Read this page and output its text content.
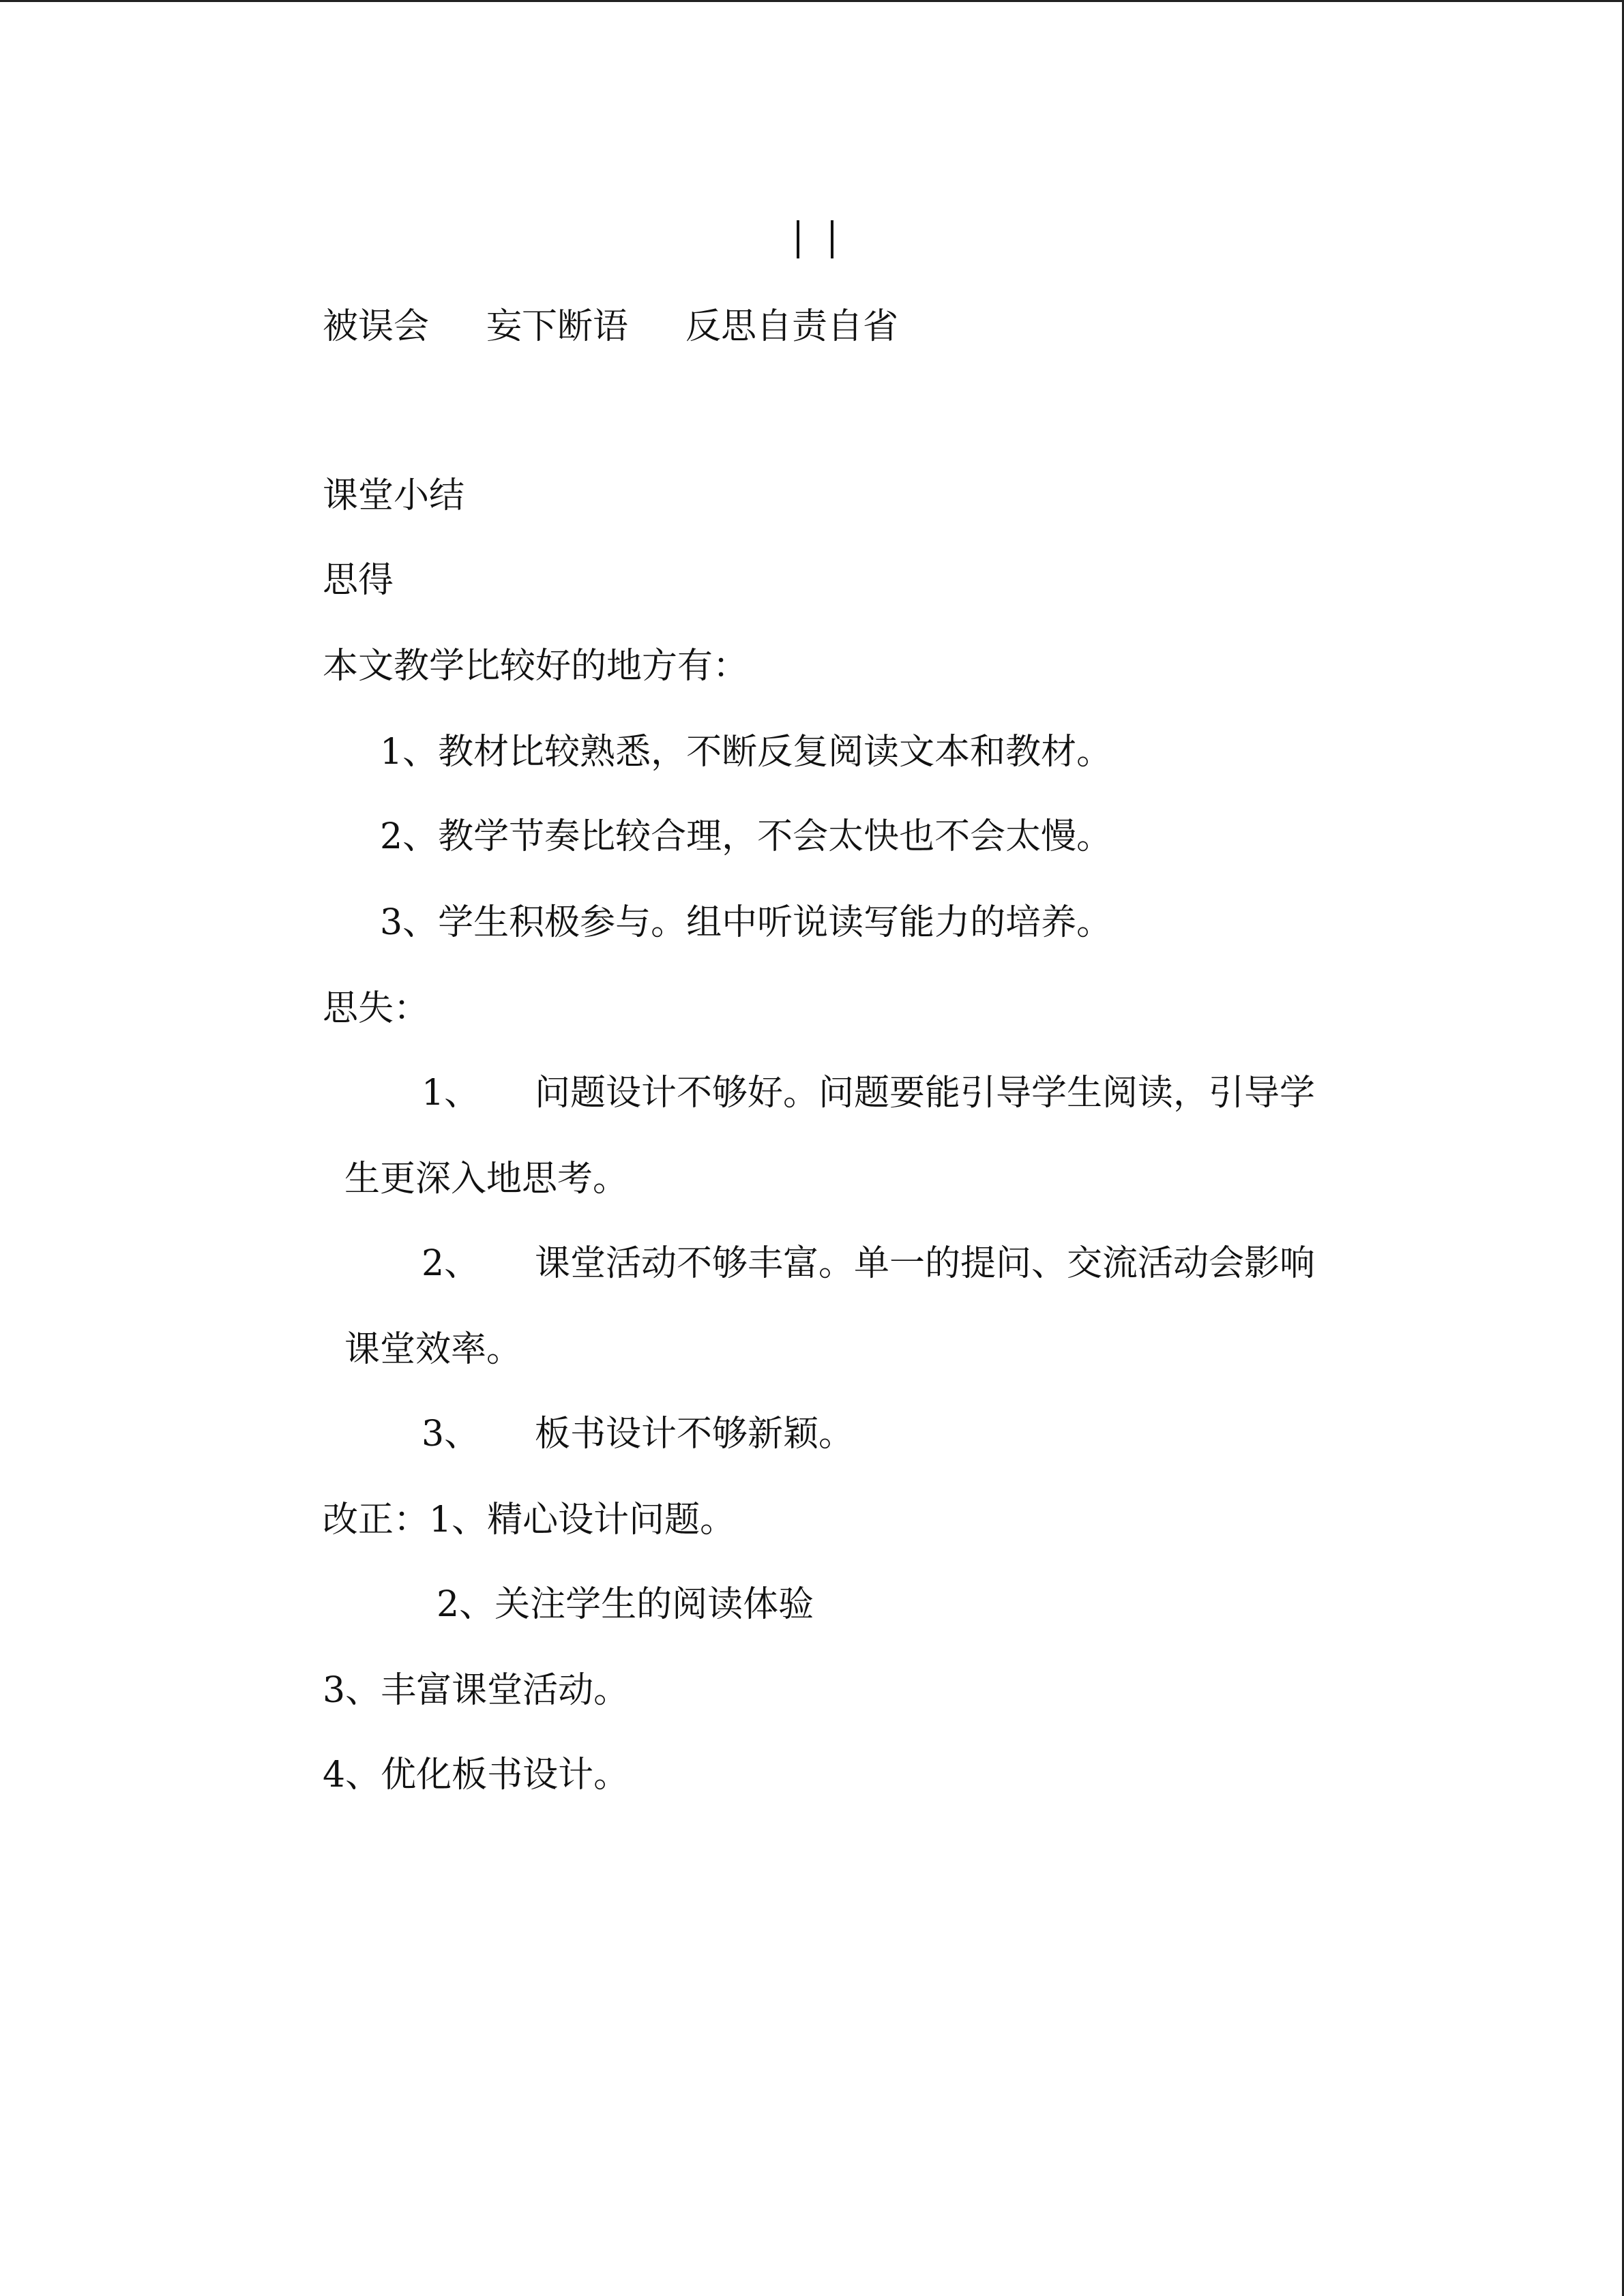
被误会 妄下断语 反思自责自省
课堂小结
思得
本文教学比较好的地方有：
1、教材比较熟悉，不断反复阅读文本和教材。
2、教学节奏比较合理，不会太快也不会太慢。
3、学生积极参与。组中听说读写能力的培养。
思失：
1、 问题设计不够好。问题要能引导学生阅读，引导学
生更深入地思考。
2、 课堂活动不够丰富。单一的提问、交流活动会影响
课堂效率。
3、 板书设计不够新颖。
改正：1、精心设计问题。
2、关注学生的阅读体验
3、丰富课堂活动。
4、优化板书设计。
